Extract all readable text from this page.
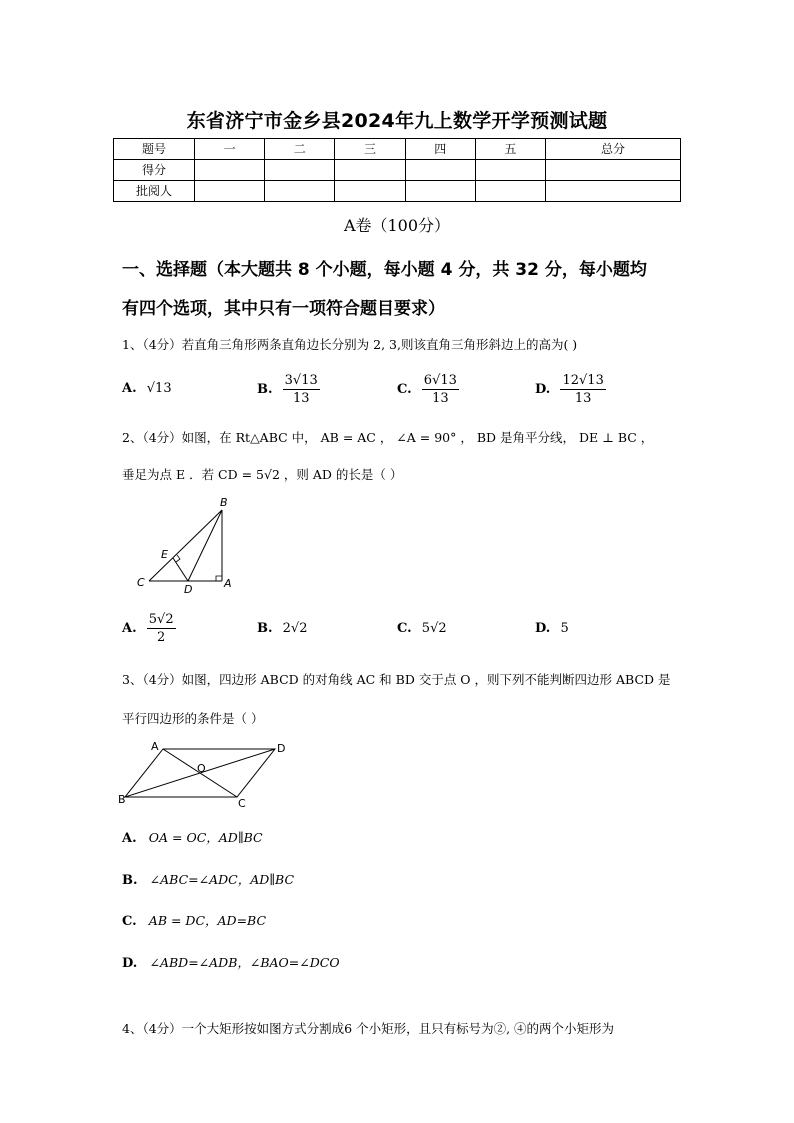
东省济宁市金乡县2024年九上数学开学预测试题
题号	一	二	三	四	五	总分
得分						
批阅人						
A卷（100分）
一、选择题（本大题共 8 个小题，每小题 4 分，共 32 分，每小题均
有四个选项，其中只有一项符合题目要求）
1、（4分）若直角三角形两条直角边长分别为 2, 3,则该直角三角形斜边上的高为( )
A. √13	B. $\frac{3√13}{13}$	C. $\frac{6√13}{13}$	D. $\frac{12√13}{13}$
2、（4分）如图，在 Rt△ABC 中， AB = AC ， ∠A = 90° ， BD 是角平分线， DE ⊥ BC ，
垂足为点 E ．若 CD = 5√2 ，则 AD 的长是（ ）
B
E
C
D	A
A. $\frac{5√2}{2}$	B. 2√2	C. 5√2	D. 5
3、（4分）如图，四边形 ABCD 的对角线 AC 和 BD 交于点 O ，则下列不能判断四边形 ABCD 是
平行四边形的条件是（ ）
A	D
O
B	C
A. OA = OC，AD∥BC
B. ∠ABC=∠ADC，AD∥BC
C. AB = DC，AD=BC
D. ∠ABD=∠ADB，∠BAO=∠DCO
4、（4分）一个大矩形按如图方式分割成6 个小矩形，且只有标号为②, ④的两个小矩形为
